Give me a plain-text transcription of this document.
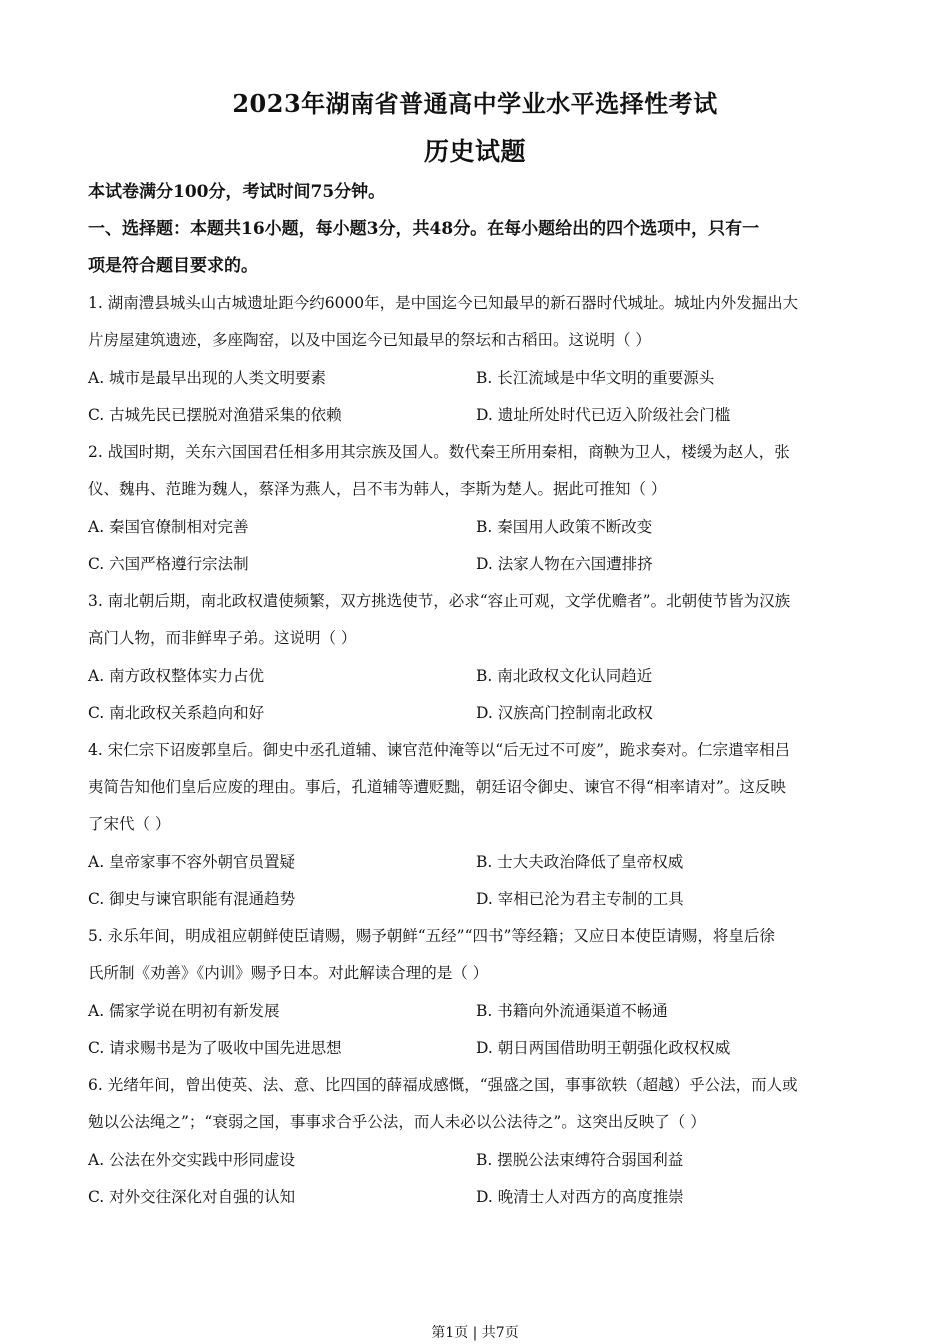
2023年湖南省普通高中学业水平选择性考试
历史试题
本试卷满分100分，考试时间75分钟。
一、选择题：本题共16小题，每小题3分，共48分。在每小题给出的四个选项中，只有一
项是符合题目要求的。
1. 湖南澧县城头山古城遗址距今约6000年，是中国迄今已知最早的新石器时代城址。城址内外发掘出大
片房屋建筑遗迹，多座陶窑，以及中国迄今已知最早的祭坛和古稻田。这说明（ ）
A. 城市是最早出现的人类文明要素	B. 长江流域是中华文明的重要源头
C. 古城先民已摆脱对渔猎采集的依赖	D. 遗址所处时代已迈入阶级社会门槛
2. 战国时期，关东六国国君任相多用其宗族及国人。数代秦王所用秦相，商鞅为卫人，楼缓为赵人，张
仪、魏冉、范雎为魏人，蔡泽为燕人，吕不韦为韩人，李斯为楚人。据此可推知（ ）
A. 秦国官僚制相对完善	B. 秦国用人政策不断改变
C. 六国严格遵行宗法制	D. 法家人物在六国遭排挤
3. 南北朝后期，南北政权遣使频繁，双方挑选使节，必求“容止可观，文学优赡者”。北朝使节皆为汉族
高门人物，而非鲜卑子弟。这说明（ ）
A. 南方政权整体实力占优	B. 南北政权文化认同趋近
C. 南北政权关系趋向和好	D. 汉族高门控制南北政权
4. 宋仁宗下诏废郭皇后。御史中丞孔道辅、谏官范仲淹等以“后无过不可废”，跪求奏对。仁宗遣宰相吕
夷简告知他们皇后应废的理由。事后，孔道辅等遭贬黜，朝廷诏令御史、谏官不得“相率请对”。这反映
了宋代（ ）
A. 皇帝家事不容外朝官员置疑	B. 士大夫政治降低了皇帝权威
C. 御史与谏官职能有混通趋势	D. 宰相已沦为君主专制的工具
5. 永乐年间，明成祖应朝鲜使臣请赐，赐予朝鲜“五经”“四书”等经籍；又应日本使臣请赐，将皇后徐
氏所制《劝善》《内训》赐予日本。对此解读合理的是（ ）
A. 儒家学说在明初有新发展	B. 书籍向外流通渠道不畅通
C. 请求赐书是为了吸收中国先进思想	D. 朝日两国借助明王朝强化政权权威
6. 光绪年间，曾出使英、法、意、比四国的薛福成感慨，“强盛之国，事事欲轶（超越）乎公法，而人或
勉以公法绳之”；“衰弱之国，事事求合乎公法，而人未必以公法待之”。这突出反映了（ ）
A. 公法在外交实践中形同虚设	B. 摆脱公法束缚符合弱国利益
C. 对外交往深化对自强的认知	D. 晚清士人对西方的高度推崇
第1页 | 共7页
